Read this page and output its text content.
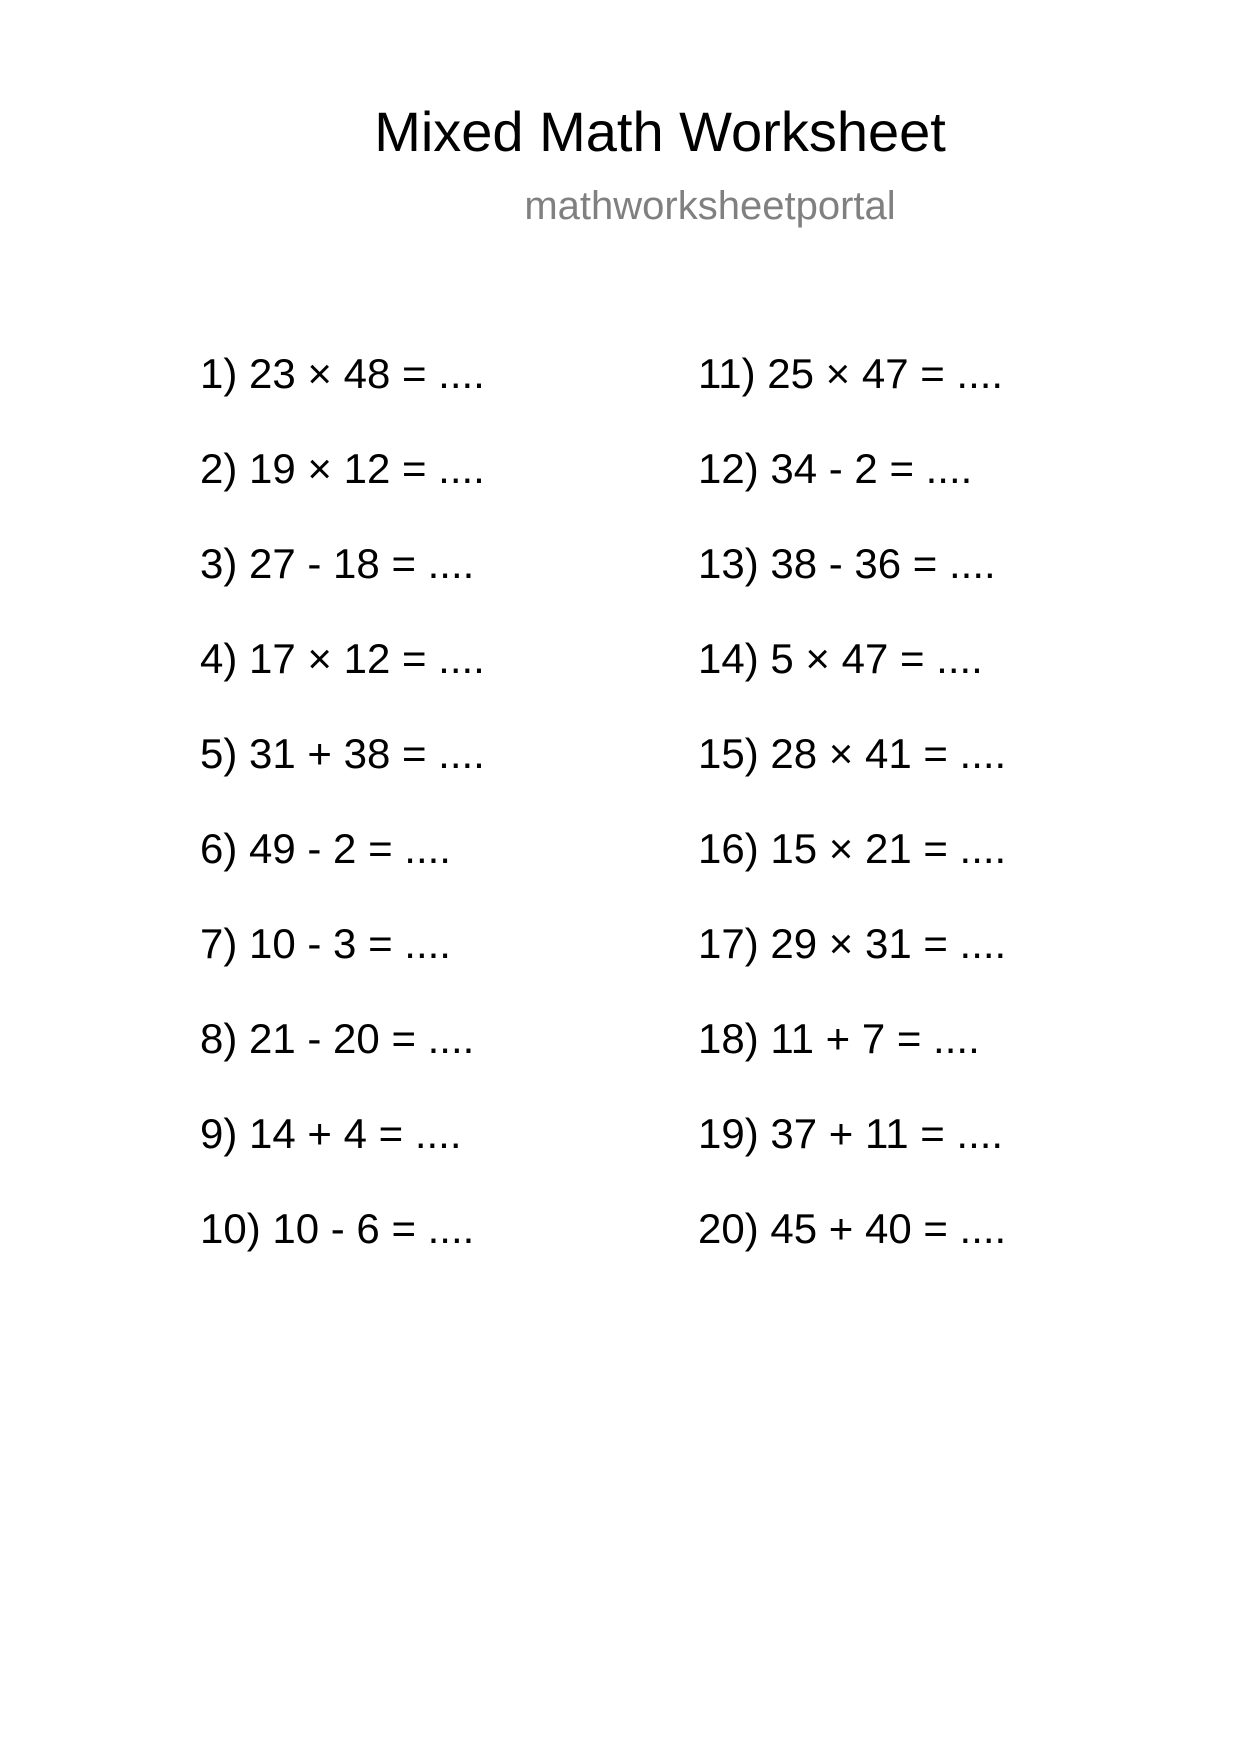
Mixed Math Worksheet
mathworksheetportal
1) 23 × 48 = ....
2) 19 × 12 = ....
3) 27 - 18 = ....
4) 17 × 12 = ....
5) 31 + 38 = ....
6) 49 - 2 = ....
7) 10 - 3 = ....
8) 21 - 20 = ....
9) 14 + 4 = ....
10) 10 - 6 = ....
11) 25 × 47 = ....
12) 34 - 2 = ....
13) 38 - 36 = ....
14) 5 × 47 = ....
15) 28 × 41 = ....
16) 15 × 21 = ....
17) 29 × 31 = ....
18) 11 + 7 = ....
19) 37 + 11 = ....
20) 45 + 40 = ....
